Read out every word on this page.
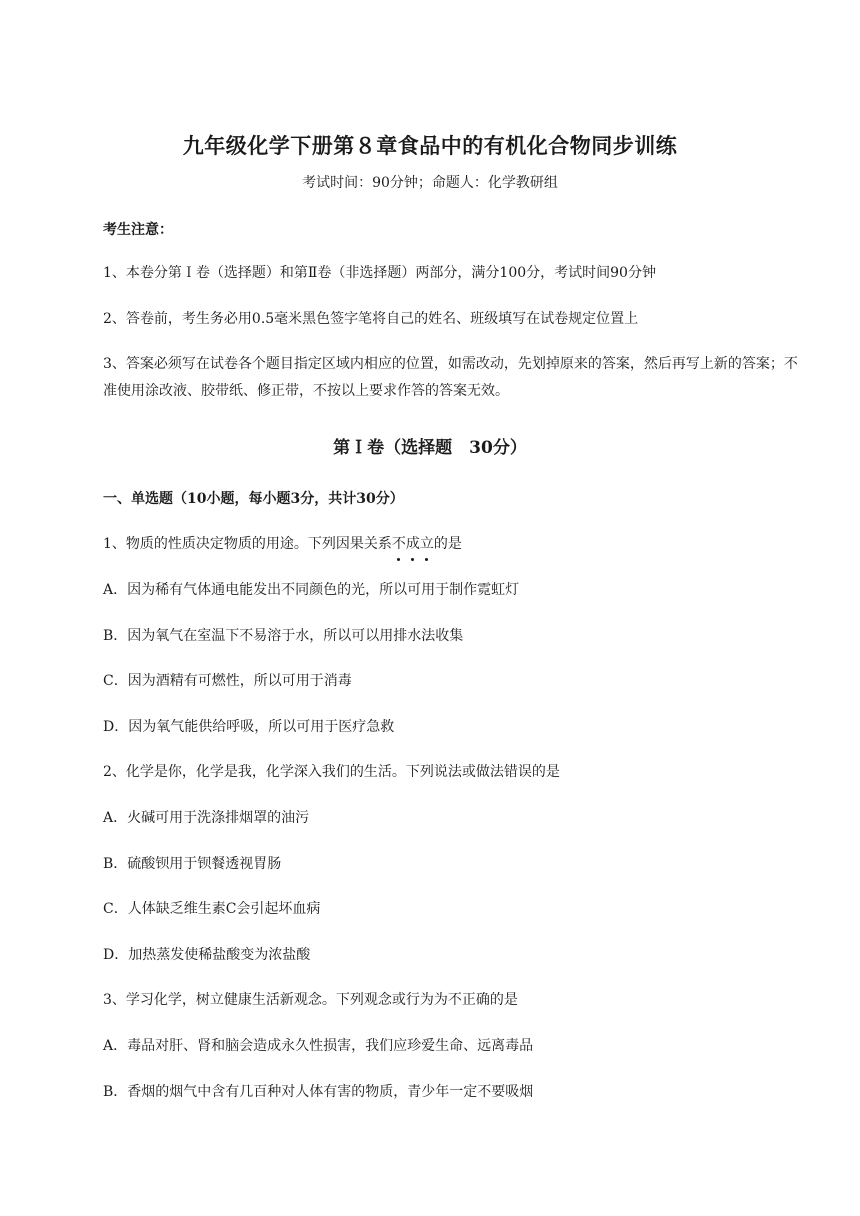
九年级化学下册第８章食品中的有机化合物同步训练
考试时间：90分钟；命题人：化学教研组
考生注意：
1、本卷分第Ｉ卷（选择题）和第Ⅱ卷（非选择题）两部分，满分100分，考试时间90分钟
2、答卷前，考生务必用0.5毫米黑色签字笔将自己的姓名、班级填写在试卷规定位置上
3、答案必须写在试卷各个题目指定区域内相应的位置，如需改动，先划掉原来的答案，然后再写上新的答案；不准使用涂改液、胶带纸、修正带，不按以上要求作答的答案无效。
第Ｉ卷（选择题　30分）
一、单选题（10小题，每小题3分，共计30分）
1、物质的性质决定物质的用途。下列因果关系不成立的是
A．因为稀有气体通电能发出不同颜色的光，所以可用于制作霓虹灯
B．因为氧气在室温下不易溶于水，所以可以用排水法收集
C．因为酒精有可燃性，所以可用于消毒
D．因为氧气能供给呼吸，所以可用于医疗急救
2、化学是你，化学是我，化学深入我们的生活。下列说法或做法错误的是
A．火碱可用于洗涤排烟罩的油污
B．硫酸钡用于钡餐透视胃肠
C．人体缺乏维生素C会引起坏血病
D．加热蒸发使稀盐酸变为浓盐酸
3、学习化学，树立健康生活新观念。下列观念或行为为不正确的是
A．毒品对肝、肾和脑会造成永久性损害，我们应珍爱生命、远离毒品
B．香烟的烟气中含有几百种对人体有害的物质，青少年一定不要吸烟
